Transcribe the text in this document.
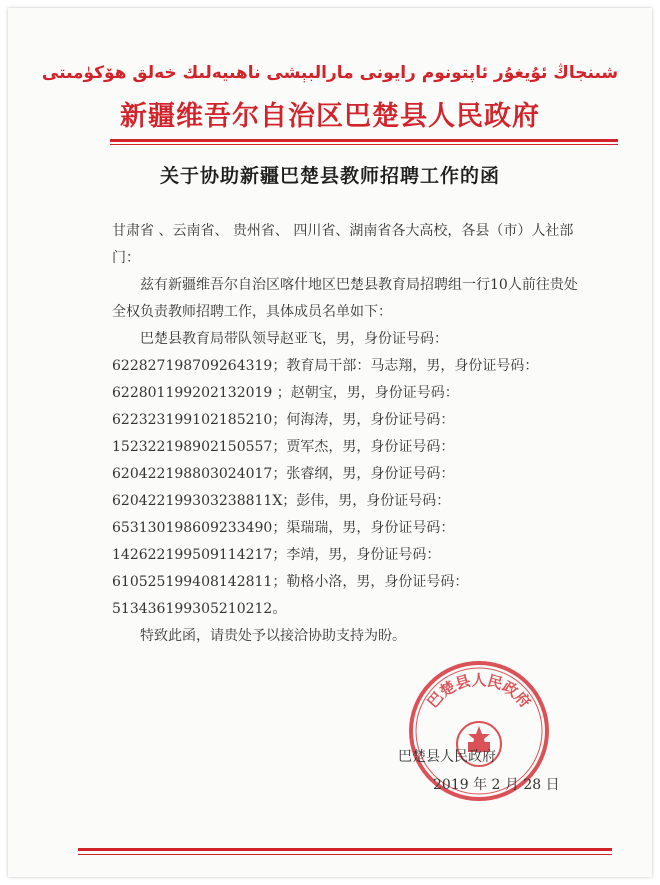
شىنجاڭ ئۇيغۇر ئاپتونوم رايونى مارالبېشى ناھىيەلىك خەلق ھۆكۈمىتى
新疆维吾尔自治区巴楚县人民政府
关于协助新疆巴楚县教师招聘工作的函

甘肃省 、云南省、 贵州省、 四川省、湖南省各大高校，各县（市）人社部门：

兹有新疆维吾尔自治区喀什地区巴楚县教育局招聘组一行10人前往贵处全权负责教师招聘工作，具体成员名单如下：

巴楚县教育局带队领导赵亚飞，男，身份证号码：622827198709264319；教育局干部：马志翔，男，身份证号码：622801199202132019 ；赵朝宝，男，身份证号码：622323199102185210；何海涛，男，身份证号码：152322198902150557；贾军杰，男，身份证号码：620422198803024017；张睿纲，男，身份证号码：620422199303238811X；彭伟，男，身份证号码：653130198609233490；渠瑞瑞，男，身份证号码：142622199509114217；李靖，男，身份证号码：610525199408142811；勒格小洛，男，身份证号码：513436199305210212。

特致此函，请贵处予以接洽协助支持为盼。

巴楚县人民政府
巴楚县人民政府
2019 年 2 月 28 日
